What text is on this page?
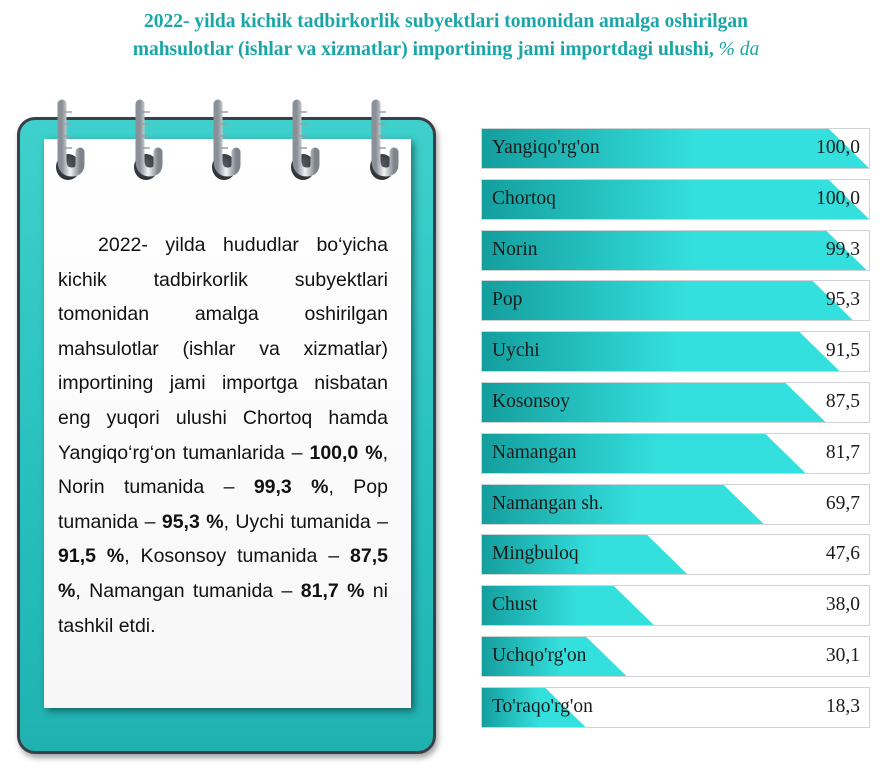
2022- yilda kichik tadbirkorlik subyektlari tomonidan amalga oshirilgan
mahsulotlar (ishlar va xizmatlar) importining jami importdagi ulushi, % da
2022- yilda hududlar bo‘yicha kichik tadbirkorlik subyektlari tomonidan amalga oshirilgan mahsulotlar (ishlar va xizmatlar) importining jami importga nisbatan eng yuqori ulushi Chortoq hamda Yangiqo‘rg‘on tumanlarida – 100,0 %, Norin tumanida – 99,3 %, Pop tumanida – 95,3 %, Uychi tumanida – 91,5 %, Kosonsoy tumanida – 87,5 %, Namangan tumanida – 81,7 % ni tashkil etdi.
Yangiqo'rg'on	100,0
Chortoq	100,0
Norin	99,3
Pop	95,3
Uychi	91,5
Kosonsoy	87,5
Namangan	81,7
Namangan sh.	69,7
Mingbuloq	47,6
Chust	38,0
Uchqo'rg'on	30,1
To'raqo'rg'on	18,3
